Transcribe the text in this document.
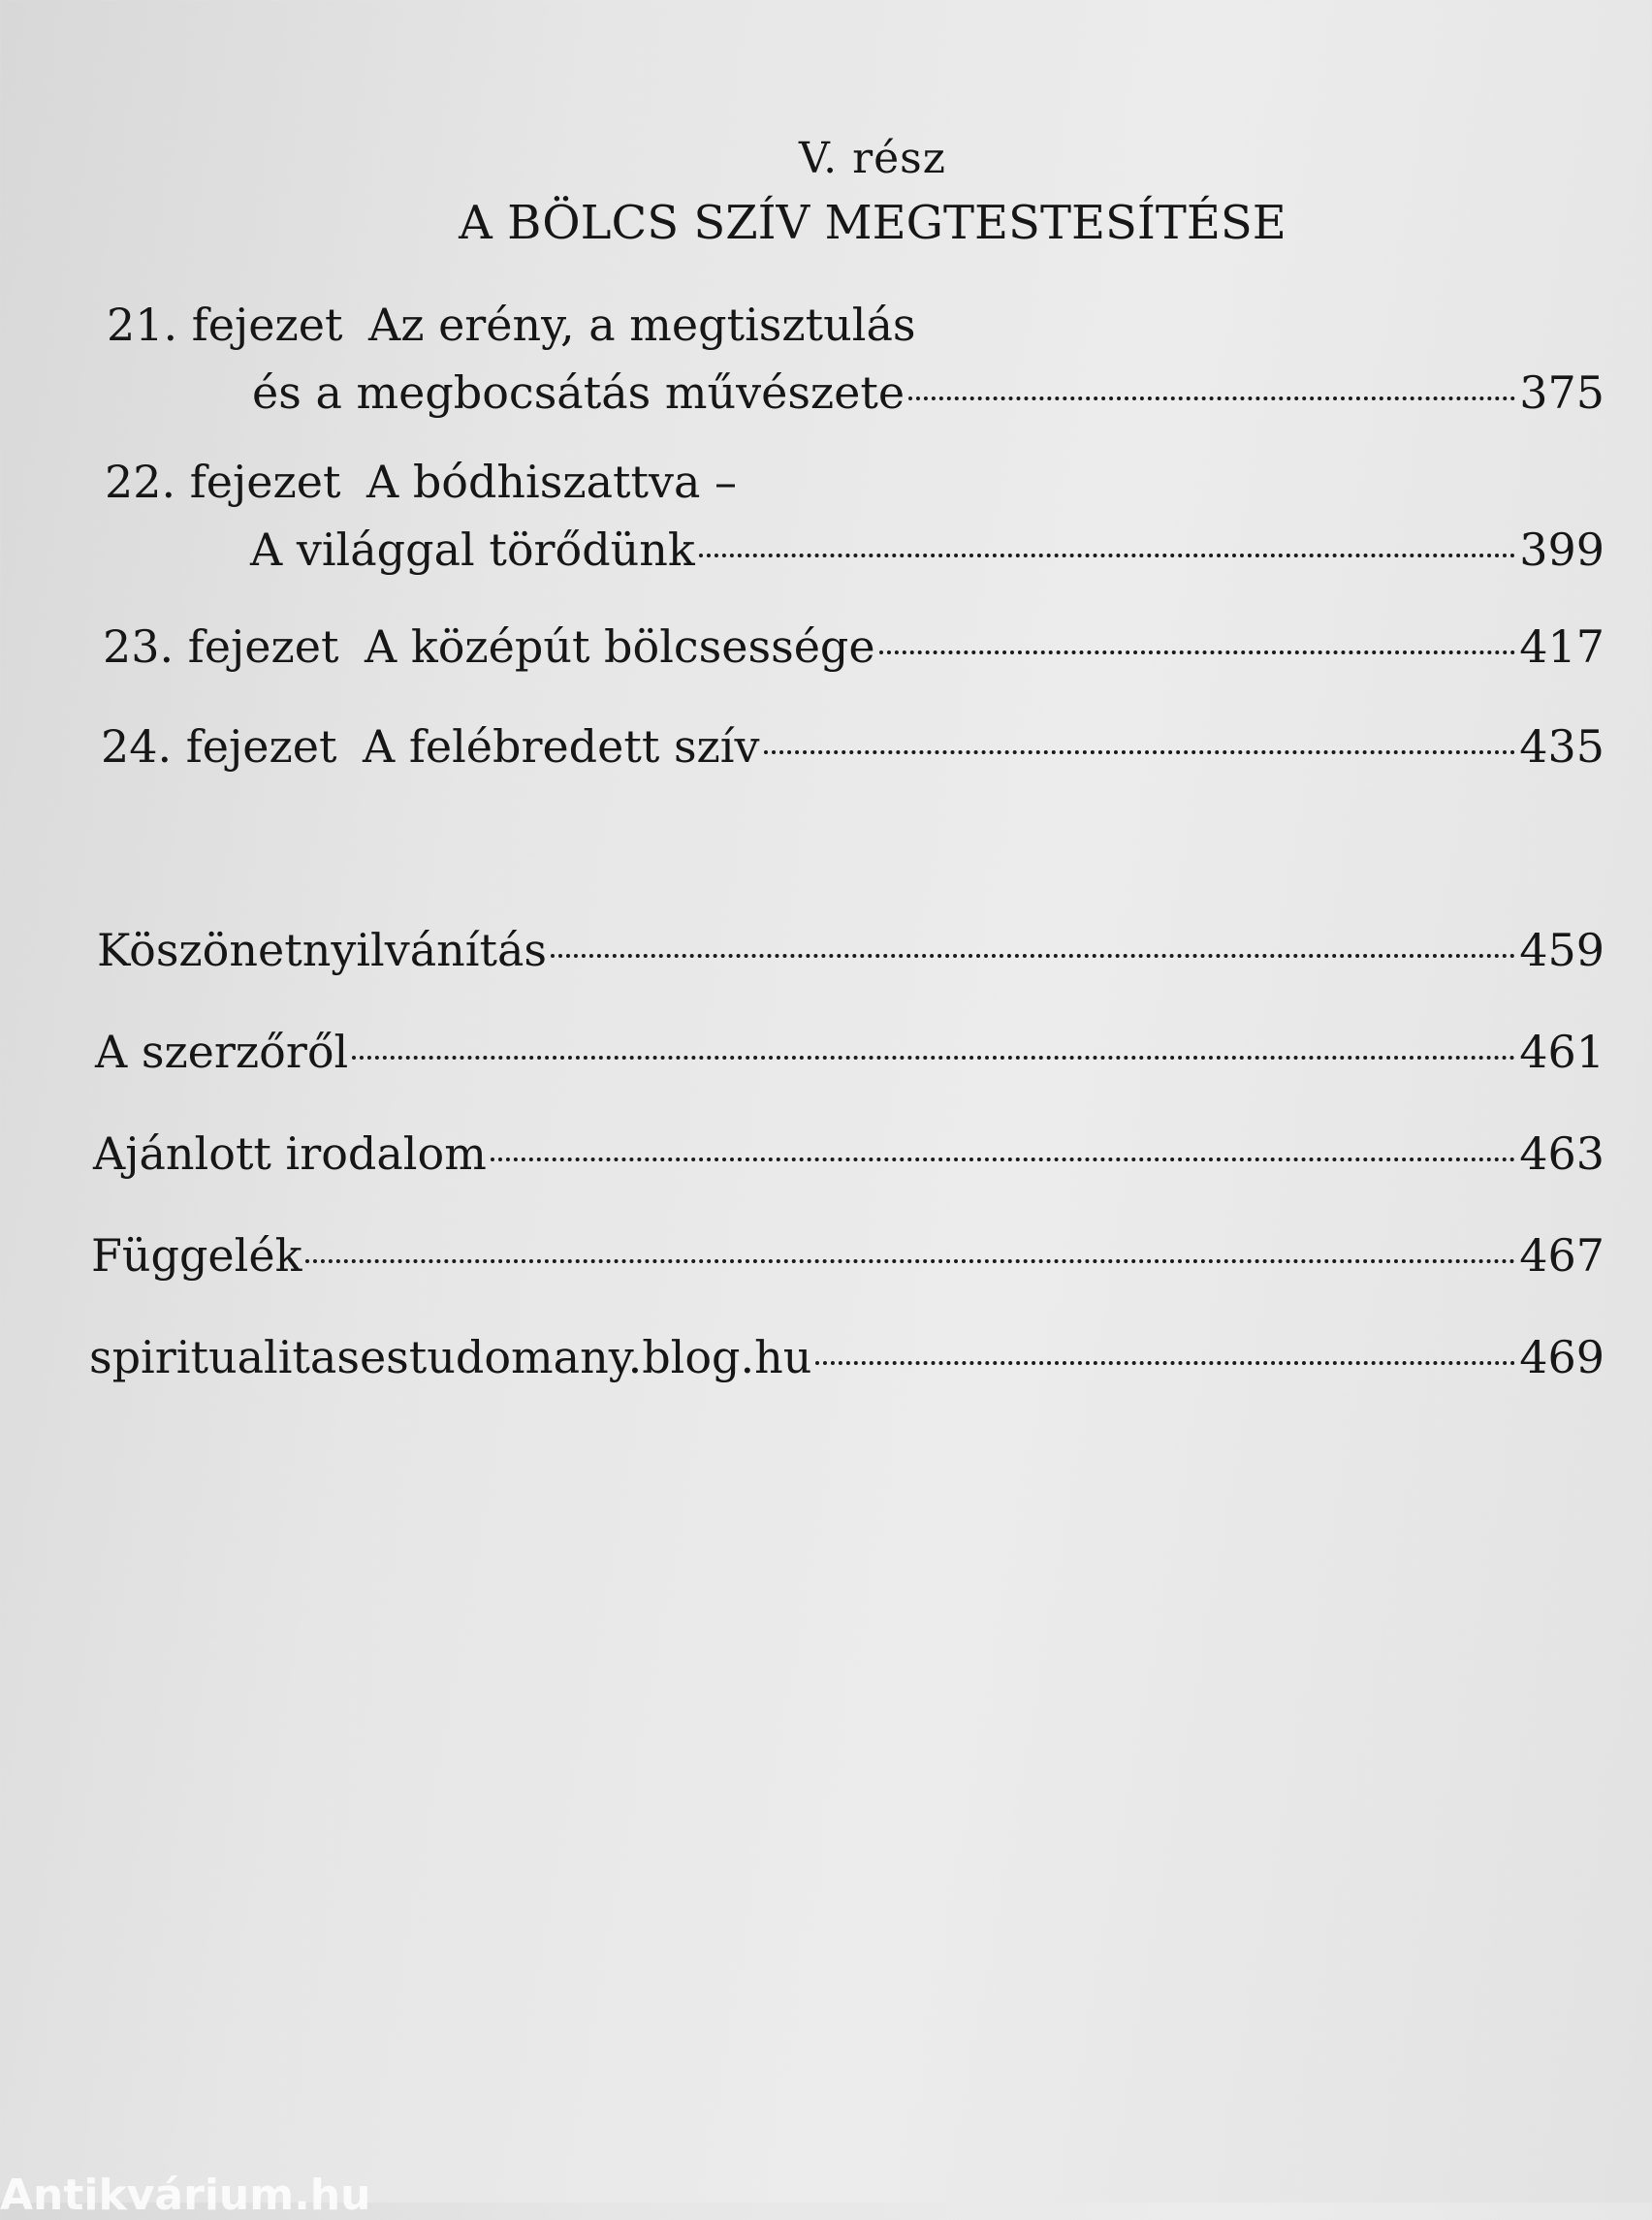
V. rész
A BÖLCS SZÍV MEGTESTESÍTÉSE
21. fejezet Az erény, a megtisztulás
és a megbocsátás művészete	375
22. fejezet A bódhiszattva –
A világgal törődünk	399
23. fejezet A középút bölcsessége	417
24. fejezet A felébredett szív	435
Köszönetnyilvánítás	459
A szerzőről	461
Ajánlott irodalom	463
Függelék	467
spiritualitasestudomany.blog.hu	469
Antikvárium.hu
